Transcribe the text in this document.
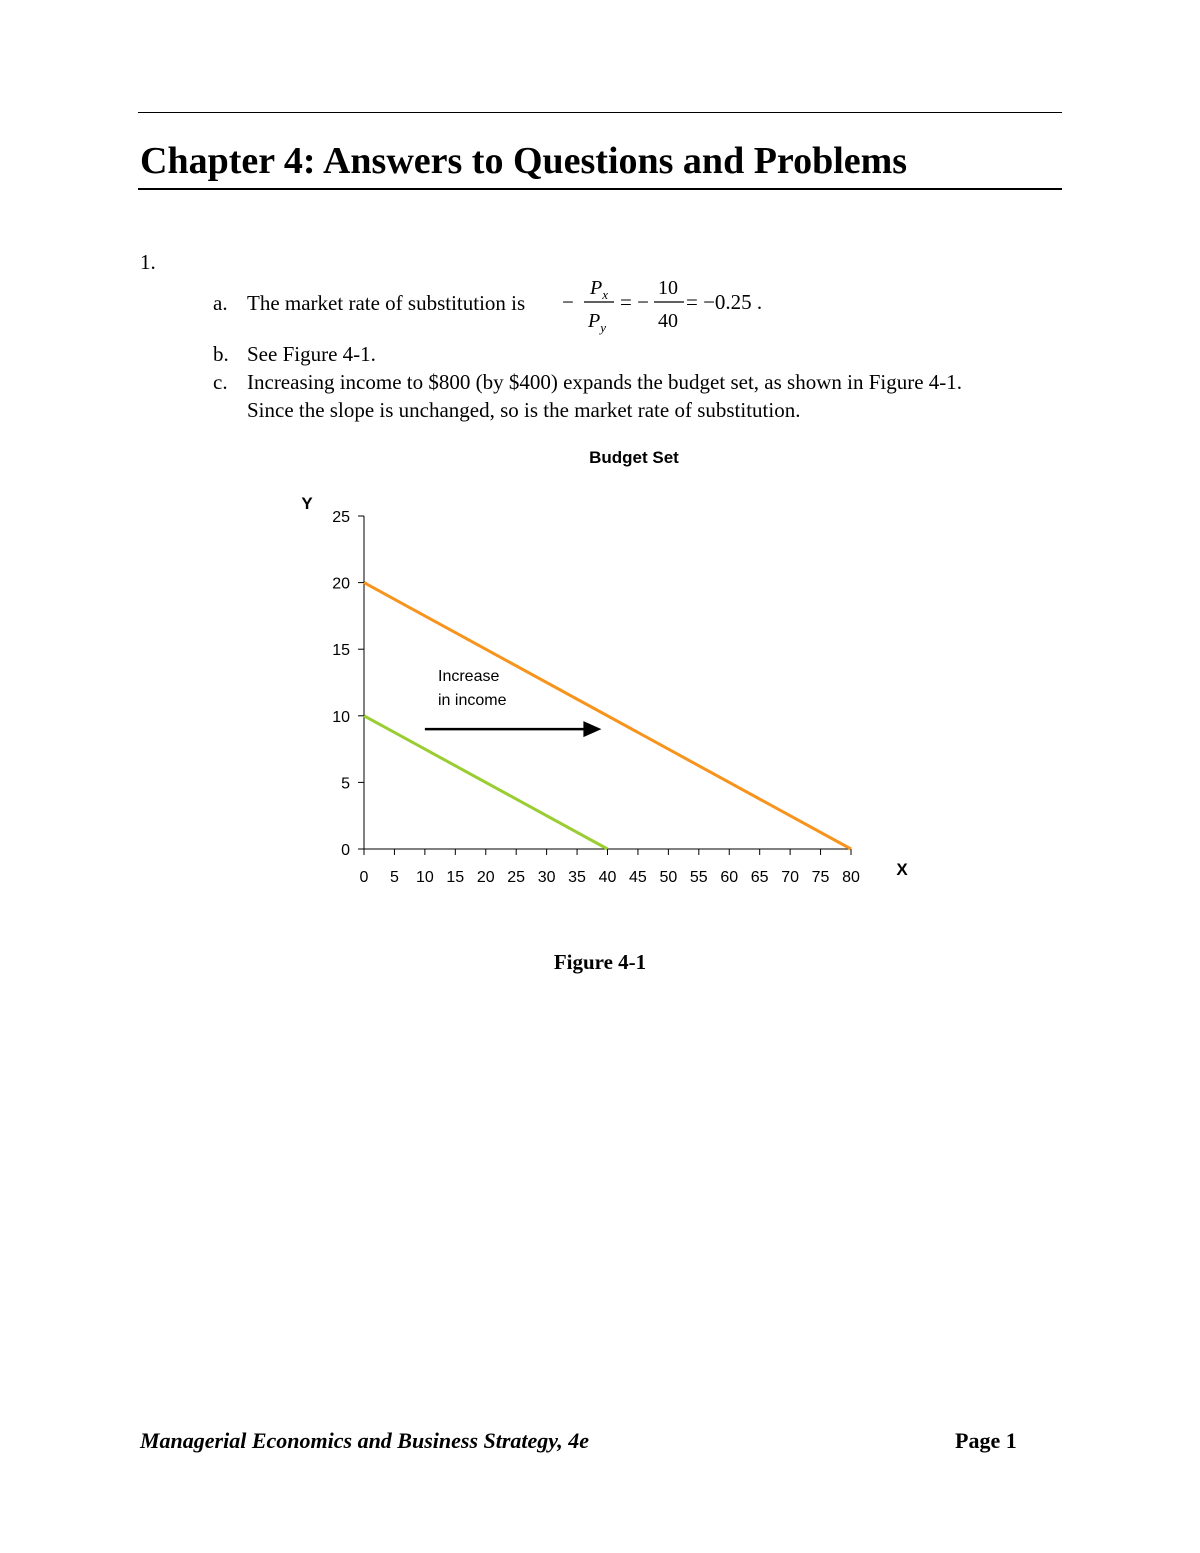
Chapter 4: Answers to Questions and Problems
1.
a. The market rate of substitution is −
$P_x$
$P_y$
= −
10
40
= −0.25 .
b. See Figure 4-1.
c. Increasing income to $800 (by $400) expands the budget set, as shown in Figure 4-1.
Since the slope is unchanged, so is the market rate of substitution.
Budget Set
Y
X
0
5
10
15
20
25
0 5 10 15 20 25 30 35 40 45 50 55 60 65 70 75 80
Increase
in income
Figure 4-1
Managerial Economics and Business Strategy, 4e	Page 1
